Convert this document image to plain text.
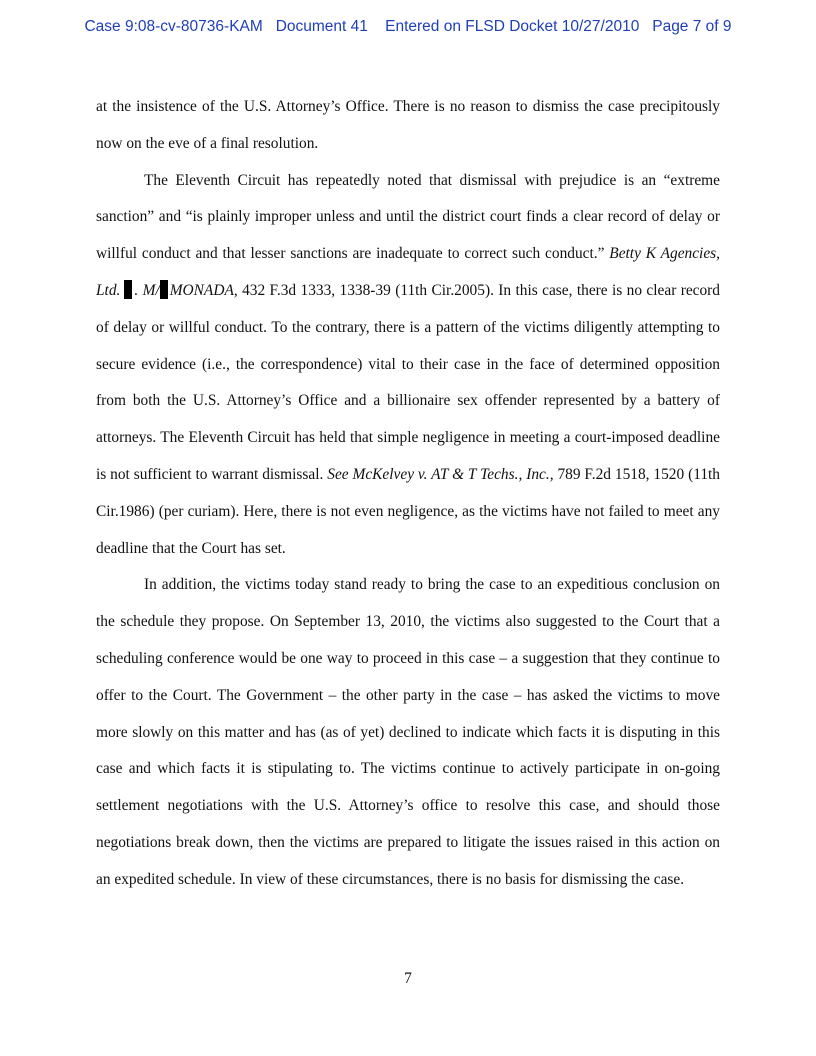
Case 9:08-cv-80736-KAM   Document 41    Entered on FLSD Docket 10/27/2010   Page 7 of 9

at the insistence of the U.S. Attorney’s Office. There is no reason to dismiss the case precipitously now on the eve of a final resolution.

The Eleventh Circuit has repeatedly noted that dismissal with prejudice is an “extreme sanction” and “is plainly improper unless and until the district court finds a clear record of delay or willful conduct and that lesser sanctions are inadequate to correct such conduct.” Betty K Agencies, Ltd. . M/ MONADA, 432 F.3d 1333, 1338-39 (11th Cir.2005). In this case, there is no clear record of delay or willful conduct. To the contrary, there is a pattern of the victims diligently attempting to secure evidence (i.e., the correspondence) vital to their case in the face of determined opposition from both the U.S. Attorney’s Office and a billionaire sex offender represented by a battery of attorneys. The Eleventh Circuit has held that simple negligence in meeting a court-imposed deadline is not sufficient to warrant dismissal. See McKelvey v. AT & T Techs., Inc., 789 F.2d 1518, 1520 (11th Cir.1986) (per curiam). Here, there is not even negligence, as the victims have not failed to meet any deadline that the Court has set.

In addition, the victims today stand ready to bring the case to an expeditious conclusion on the schedule they propose. On September 13, 2010, the victims also suggested to the Court that a scheduling conference would be one way to proceed in this case – a suggestion that they continue to offer to the Court. The Government – the other party in the case – has asked the victims to move more slowly on this matter and has (as of yet) declined to indicate which facts it is disputing in this case and which facts it is stipulating to. The victims continue to actively participate in on-going settlement negotiations with the U.S. Attorney’s office to resolve this case, and should those negotiations break down, then the victims are prepared to litigate the issues raised in this action on an expedited schedule. In view of these circumstances, there is no basis for dismissing the case.

7
